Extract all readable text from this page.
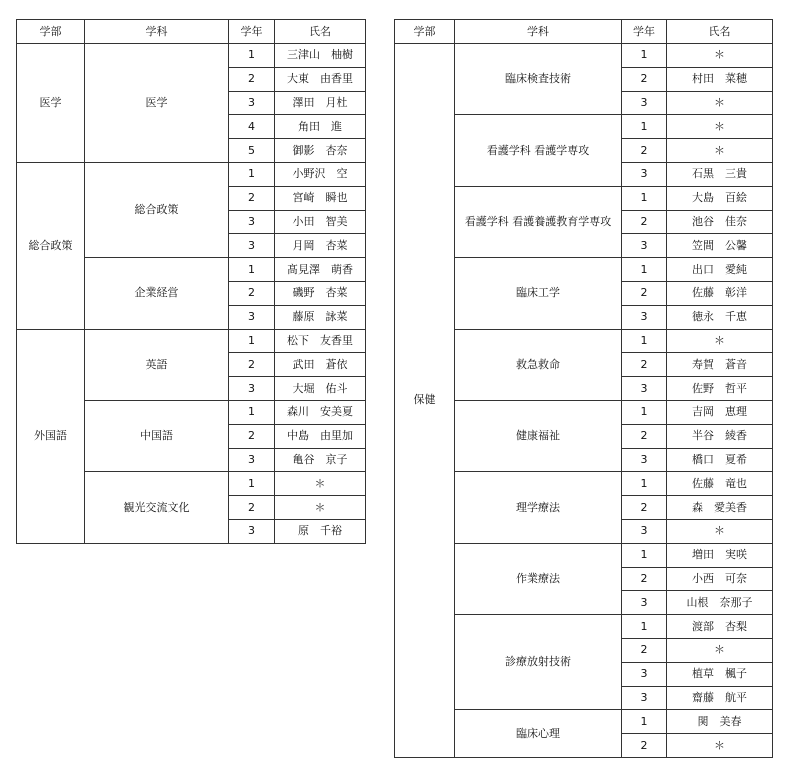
学部	学科	学年	氏名
医学	医学	1	三津山　柚樹
		2	大東　由香里
		3	澤田　月杜
		4	角田　進
		5	御影　杏奈
総合政策	総合政策	1	小野沢　空
		2	宮崎　瞬也
		3	小田　智美
		3	月岡　杏菜
	企業経営	1	髙見澤　萌香
		2	磯野　杏菜
		3	藤原　詠菜
外国語	英語	1	松下　友香里
		2	武田　蒼依
		3	大堀　佑斗
	中国語	1	森川　安美夏
		2	中島　由里加
		3	亀谷　京子
	観光交流文化	1	＊
		2	＊
		3	原　千裕
学部	学科	学年	氏名
保健	臨床検査技術	1	＊
		2	村田　菜穂
		3	＊
	看護学科 看護学専攻	1	＊
		2	＊
		3	石黒　三貴
	看護学科 看護養護教育学専攻	1	大島　百絵
		2	池谷　佳奈
		3	笠間　公馨
	臨床工学	1	出口　愛純
		2	佐藤　彰洋
		3	徳永　千恵
	救急救命	1	＊
		2	寿賀　蒼音
		3	佐野　哲平
	健康福祉	1	吉岡　恵理
		2	半谷　綾香
		3	橋口　夏希
	理学療法	1	佐藤　竜也
		2	森　愛美香
		3	＊
	作業療法	1	増田　実咲
		2	小西　可奈
		3	山根　奈那子
	診療放射技術	1	渡部　杏梨
		2	＊
		3	植草　楓子
		3	齋藤　航平
	臨床心理	1	関　美春
		2	＊
